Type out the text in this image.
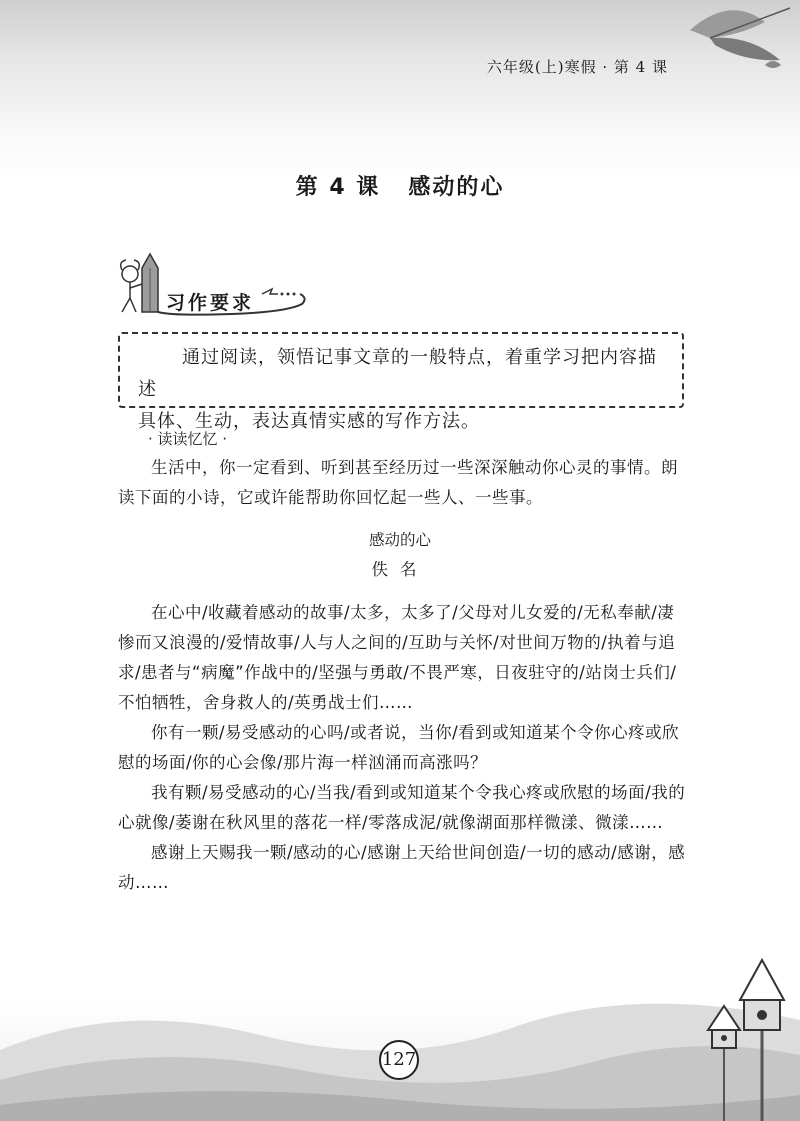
六年级(上)寒假 · 第 4 课
第 4 课 感动的心
习作要求
通过阅读，领悟记事文章的一般特点，着重学习把内容描述
具体、生动，表达真情实感的写作方法。
· 读读忆忆 ·
生活中，你一定看到、听到甚至经历过一些深深触动你心灵的事情。朗读下面的小诗，它或许能帮助你回忆起一些人、一些事。
感动的心
佚名

在心中/收藏着感动的故事/太多，太多了/父母对儿女爱的/无私奉献/凄惨而又浪漫的/爱情故事/人与人之间的/互助与关怀/对世间万物的/执着与追求/患者与“病魔”作战中的/坚强与勇敢/不畏严寒，日夜驻守的/站岗士兵们/不怕牺牲，舍身救人的/英勇战士们……

你有一颗/易受感动的心吗/或者说，当你/看到或知道某个令你心疼或欣慰的场面/你的心会像/那片海一样汹涌而高涨吗？

我有颗/易受感动的心/当我/看到或知道某个令我心疼或欣慰的场面/我的心就像/萎谢在秋风里的落花一样/零落成泥/就像湖面那样微漾、微漾……

感谢上天赐我一颗/感动的心/感谢上天给世间创造/一切的感动/感谢，感动……

127
